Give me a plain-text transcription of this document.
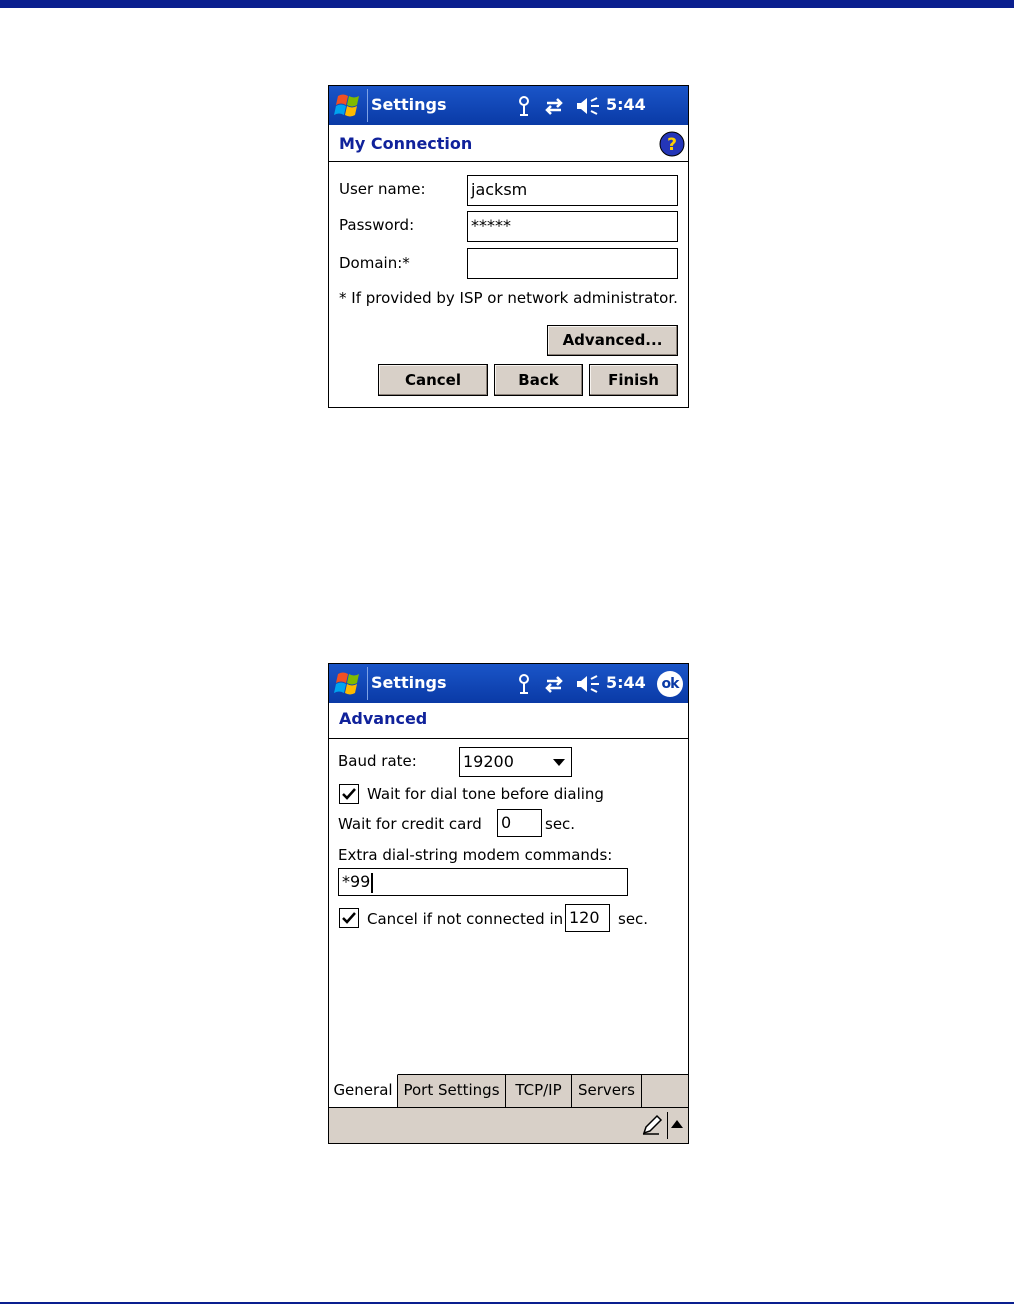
Settings	5:44
My Connection	?
User name:	jacksm
Password:	*****
Domain:*
* If provided by ISP or network administrator.
Advanced...
Cancel	Back	Finish
Settings	5:44	ok
Advanced
Baud rate:	19200
Wait for dial tone before dialing
Wait for credit card 0	sec.
Extra dial-string modem commands:
*99
Cancel if not connected in 120	sec.
General Port Settings	TCP/IP	Servers
